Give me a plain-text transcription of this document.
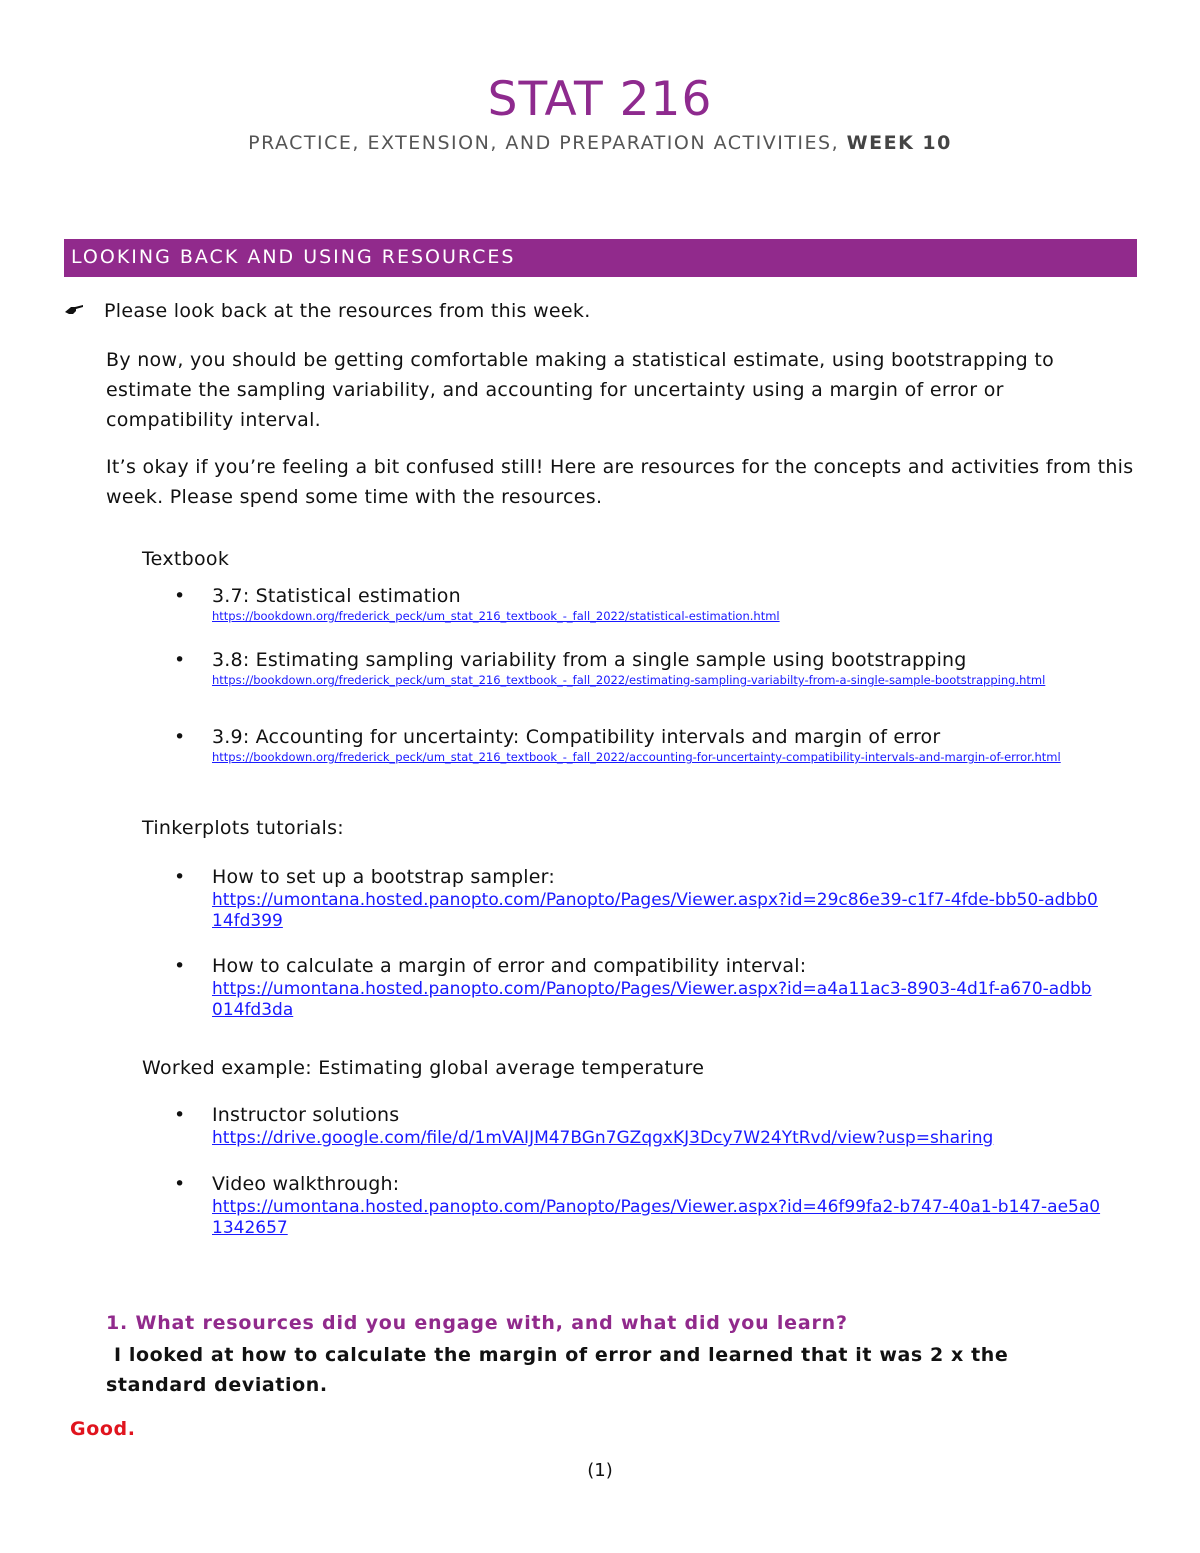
STAT 216
PRACTICE, EXTENSION, AND PREPARATION ACTIVITIES, WEEK 10
LOOKING BACK AND USING RESOURCES
Please look back at the resources from this week.
By now, you should be getting comfortable making a statistical estimate, using bootstrapping to estimate the sampling variability, and accounting for uncertainty using a margin of error or compatibility interval.
It’s okay if you’re feeling a bit confused still! Here are resources for the concepts and activities from this week. Please spend some time with the resources.
Textbook
• 3.7: Statistical estimation
https://bookdown.org/frederick_peck/um_stat_216_textbook_-_fall_2022/statistical-estimation.html
• 3.8: Estimating sampling variability from a single sample using bootstrapping
https://bookdown.org/frederick_peck/um_stat_216_textbook_-_fall_2022/estimating-sampling-variabilty-from-a-single-sample-bootstrapping.html
• 3.9: Accounting for uncertainty: Compatibility intervals and margin of error
https://bookdown.org/frederick_peck/um_stat_216_textbook_-_fall_2022/accounting-for-uncertainty-compatibility-intervals-and-margin-of-error.html
Tinkerplots tutorials:
• How to set up a bootstrap sampler:
https://umontana.hosted.panopto.com/Panopto/Pages/Viewer.aspx?id=29c86e39-c1f7-4fde-bb50-adbb014fd399
• How to calculate a margin of error and compatibility interval:
https://umontana.hosted.panopto.com/Panopto/Pages/Viewer.aspx?id=a4a11ac3-8903-4d1f-a670-adbb014fd3da
Worked example: Estimating global average temperature
• Instructor solutions
https://drive.google.com/file/d/1mVAIJM47BGn7GZqgxKJ3Dcy7W24YtRvd/view?usp=sharing
• Video walkthrough:
https://umontana.hosted.panopto.com/Panopto/Pages/Viewer.aspx?id=46f99fa2-b747-40a1-b147-ae5a01342657
1. What resources did you engage with, and what did you learn?
I looked at how to calculate the margin of error and learned that it was 2 x the standard deviation.
Good.
(1)
